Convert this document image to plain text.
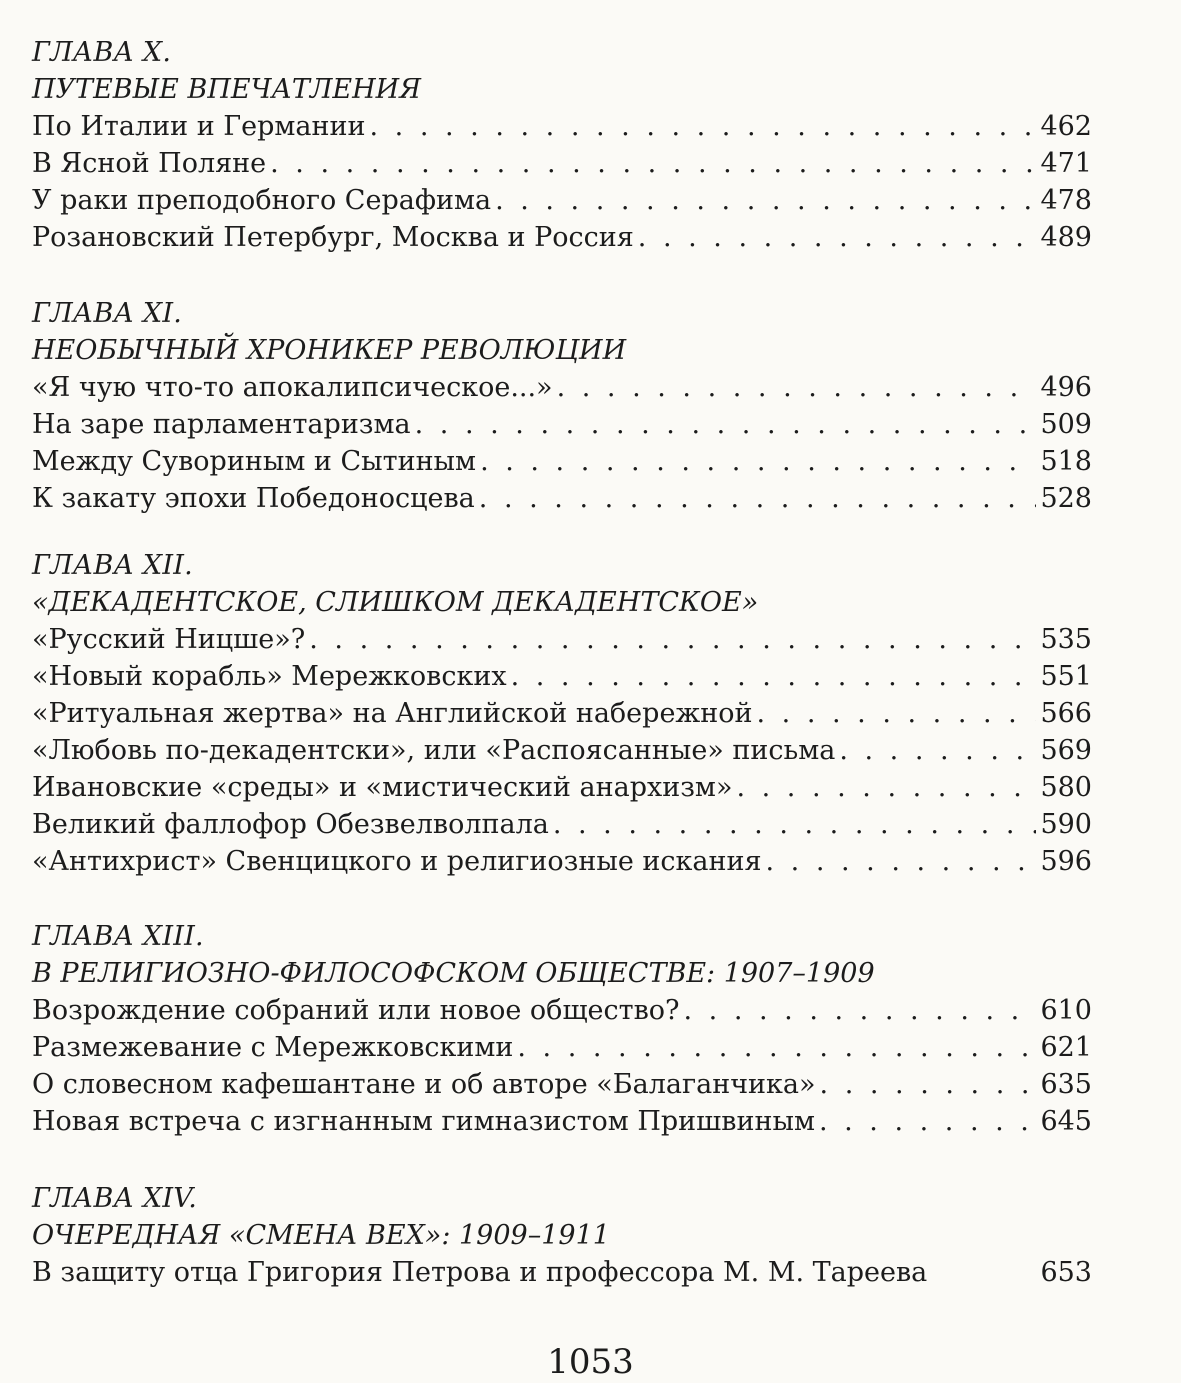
ГЛАВА X.
ПУТЕВЫЕ ВПЕЧАТЛЕНИЯ
По Италии и Германии . . .	462
В Ясной Поляне . . .	471
У раки преподобного Серафима . . .	478
Розановский Петербург, Москва и Россия . . .	489
ГЛАВА XI.
НЕОБЫЧНЫЙ ХРОНИКЕР РЕВОЛЮЦИИ
«Я чую что-то апокалипсическое...» . . .	496
На заре парламентаризма . . .	509
Между Сувориным и Сытиным . . .	518
К закату эпохи Победоносцева . . .	528
ГЛАВА XII.
«ДЕКАДЕНТСКОЕ, СЛИШКОМ ДЕКАДЕНТСКОЕ»
«Русский Ницше»? . . .	535
«Новый корабль» Мережковских . . .	551
«Ритуальная жертва» на Английской набережной . . .	566
«Любовь по-декадентски», или «Распоясанные» письма . . .	569
Ивановские «среды» и «мистический анархизм» . . .	580
Великий фаллофор Обезвелволпала . . .	590
«Антихрист» Свенцицкого и религиозные искания . . .	596
ГЛАВА XIII.
В РЕЛИГИОЗНО-ФИЛОСОФСКОМ ОБЩЕСТВЕ: 1907–1909
Возрождение собраний или новое общество? . . .	610
Размежевание с Мережковскими . . .	621
О словесном кафешантане и об авторе «Балаганчика» . . .	635
Новая встреча с изгнанным гимназистом Пришвиным . . .	645
ГЛАВА XIV.
ОЧЕРЕДНАЯ «СМЕНА ВЕХ»: 1909–1911
В защиту отца Григория Петрова и профессора М. М. Тареева	653
1053
